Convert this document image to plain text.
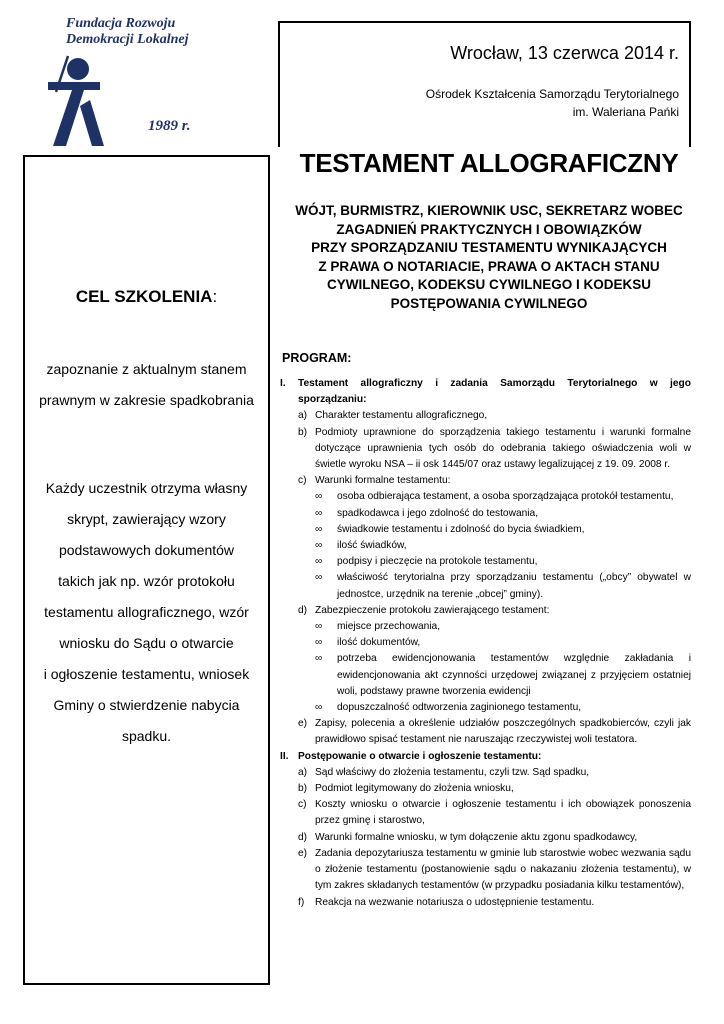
Fundacja Rozwoju
Demokracji Lokalnej
1989 r.
Wrocław, 13 czerwca 2014 r.
Ośrodek Kształcenia Samorządu Terytorialnego
im. Waleriana Pańki
CEL SZKOLENIA:
zapoznanie z aktualnym stanem
prawnym w zakresie spadkobrania
Każdy uczestnik otrzyma własny
skrypt, zawierający wzory
podstawowych dokumentów
takich jak np. wzór protokołu
testamentu allograficznego, wzór
wniosku do Sądu o otwarcie
i ogłoszenie testamentu, wniosek
Gminy o stwierdzenie nabycia
spadku.
TESTAMENT ALLOGRAFICZNY
WÓJT, BURMISTRZ, KIEROWNIK USC, SEKRETARZ WOBEC
ZAGADNIEŃ PRAKTYCZNYCH I OBOWIĄZKÓW
PRZY SPORZĄDZANIU TESTAMENTU WYNIKAJĄCYCH
Z PRAWA O NOTARIACIE, PRAWA O AKTACH STANU
CYWILNEGO, KODEKSU CYWILNEGO I KODEKSU
POSTĘPOWANIA CYWILNEGO
PROGRAM:
I.	Testament allograficzny i zadania Samorządu Terytorialnego w jego sporządzaniu:
a) Charakter testamentu allograficznego,
b) Podmioty uprawnione do sporządzenia takiego testamentu i warunki formalne dotyczące uprawnienia tych osób do odebrania takiego oświadczenia woli w świetle wyroku NSA – ii osk 1445/07 oraz ustawy legalizującej z 19. 09. 2008 r.
c) Warunki formalne testamentu:
∞	osoba odbierająca testament, a osoba sporządzająca protokół testamentu,
∞	spadkodawca i jego zdolność do testowania,
∞	świadkowie testamentu i zdolność do bycia świadkiem,
∞	ilość świadków,
∞	podpisy i pieczęcie na protokole testamentu,
∞	właściwość terytorialna przy sporządzaniu testamentu („obcy” obywatel w jednostce, urzędnik na terenie „obcej” gminy).
d) Zabezpieczenie protokołu zawierającego testament:
∞	miejsce przechowania,
∞	ilość dokumentów,
∞	potrzeba ewidencjonowania testamentów względnie zakładania i ewidencjonowania akt czynności urzędowej związanej z przyjęciem ostatniej woli, podstawy prawne tworzenia ewidencji
∞	dopuszczalność odtworzenia zaginionego testamentu,
e) Zapisy, polecenia a określenie udziałów poszczególnych spadkobierców, czyli jak prawidłowo spisać testament nie naruszając rzeczywistej woli testatora.
II. Postępowanie o otwarcie i ogłoszenie testamentu:
a) Sąd właściwy do złożenia testamentu, czyli tzw. Sąd spadku,
b) Podmiot legitymowany do złożenia wniosku,
c) Koszty wniosku o otwarcie i ogłoszenie testamentu i ich obowiązek ponoszenia przez gminę i starostwo,
d) Warunki formalne wniosku, w tym dołączenie aktu zgonu spadkodawcy,
e) Zadania depozytariusza testamentu w gminie lub starostwie wobec wezwania sądu o złożenie testamentu (postanowienie sądu o nakazaniu złożenia testamentu), w tym zakres składanych testamentów (w przypadku posiadania kilku testamentów),
f)	Reakcja na wezwanie notariusza o udostępnienie testamentu.
